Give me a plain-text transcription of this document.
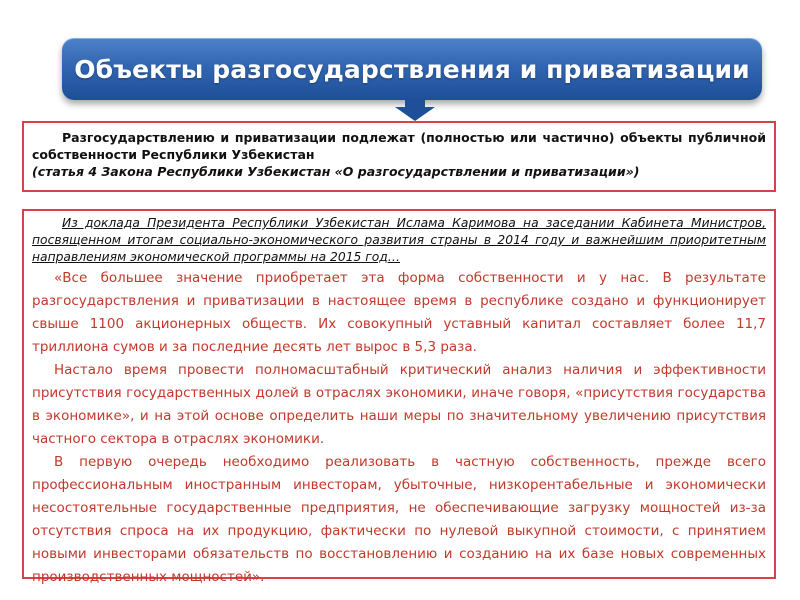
Объекты разгосударствления и приватизации

Разгосударствлению и приватизации подлежат (полностью или частично) объекты публичной собственности Республики Узбекистан

(статья 4 Закона Республики Узбекистан «О разгосударствлении и приватизации»)

Из доклада Президента Республики Узбекистан Ислама Каримова на заседании Кабинета Министров, посвященном итогам социально-экономического развития страны в 2014 году и важнейшим приоритетным направлениям экономической программы на 2015 год…

«Все большее значение приобретает эта форма собственности и у нас. В результате разгосударствления и приватизации в настоящее время в республике создано и функционирует свыше 1100 акционерных обществ. Их совокупный уставный капитал составляет более 11,7 триллиона сумов и за последние десять лет вырос в 5,3 раза.

Настало время провести полномасштабный критический анализ наличия и эффективности присутствия государственных долей в отраслях экономики, иначе говоря, «присутствия государства в экономике», и на этой основе определить наши меры по значительному увеличению присутствия частного сектора в отраслях экономики.

В первую очередь необходимо реализовать в частную собственность, прежде всего профессиональным иностранным инвесторам, убыточные, низкорентабельные и экономически несостоятельные государственные предприятия, не обеспечивающие загрузку мощностей из-за отсутствия спроса на их продукцию, фактически по нулевой выкупной стоимости, с принятием новыми инвесторами обязательств по восстановлению и созданию на их базе новых современных производственных мощностей».
